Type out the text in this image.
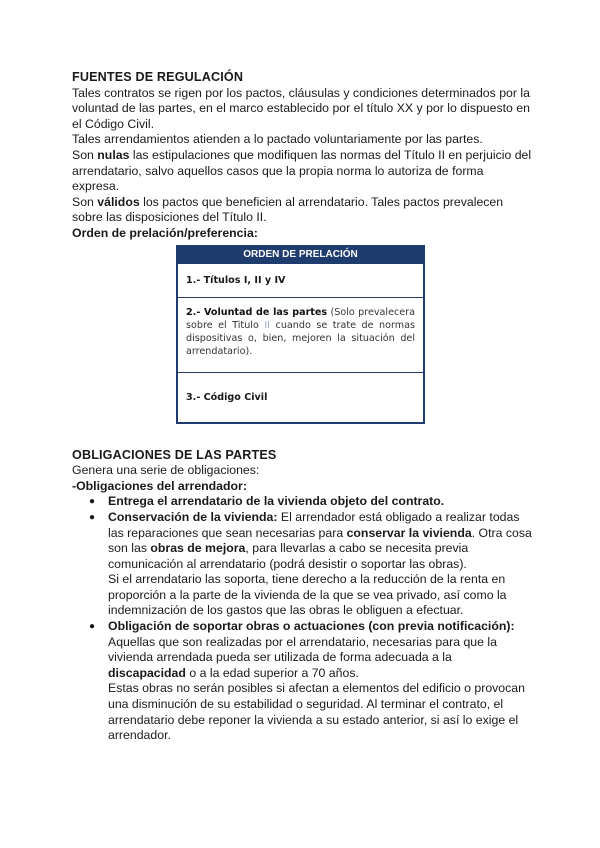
FUENTES DE REGULACIÓN

Tales contratos se rigen por los pactos, cláusulas y condiciones determinados por la voluntad de las partes, en el marco establecido por el título XX y por lo dispuesto en el Código Civil.

Tales arrendamientos atienden a lo pactado voluntariamente por las partes.

Son nulas las estipulaciones que modifiquen las normas del Título II en perjuicio del arrendatario, salvo aquellos casos que la propia norma lo autoriza de forma expresa.

Son válidos los pactos que beneficien al arrendatario. Tales pactos prevalecen sobre las disposiciones del Título II.

Orden de prelación/preferencia:

ORDEN DE PRELACIÓN
1.- Títulos I, II y IV
2.- Voluntad de las partes (Solo prevalecera sobre el Titulo II cuando se trate de normas dispositivas o, bien, mejoren la situación del arrendatario).
3.- Código Civil
OBLIGACIONES DE LAS PARTES

Genera una serie de obligaciones:

-Obligaciones del arrendador:

● Entrega el arrendatario de la vivienda objeto del contrato.
● Conservación de la vivienda: El arrendador está obligado a realizar todas las reparaciones que sean necesarias para conservar la vivienda. Otra cosa son las obras de mejora, para llevarlas a cabo se necesita previa comunicación al arrendatario (podrá desistir o soportar las obras).

Si el arrendatario las soporta, tiene derecho a la reducción de la renta en proporción a la parte de la vivienda de la que se vea privado, así como la indemnización de los gastos que las obras le obliguen a efectuar.

● Obligación de soportar obras o actuaciones (con previa notificación):

Aquellas que son realizadas por el arrendatario, necesarias para que la vivienda arrendada pueda ser utilizada de forma adecuada a la discapacidad o a la edad superior a 70 años.

Estas obras no serán posibles si afectan a elementos del edificio o provocan una disminución de su estabilidad o seguridad. Al terminar el contrato, el arrendatario debe reponer la vivienda a su estado anterior, si así lo exige el arrendador.
